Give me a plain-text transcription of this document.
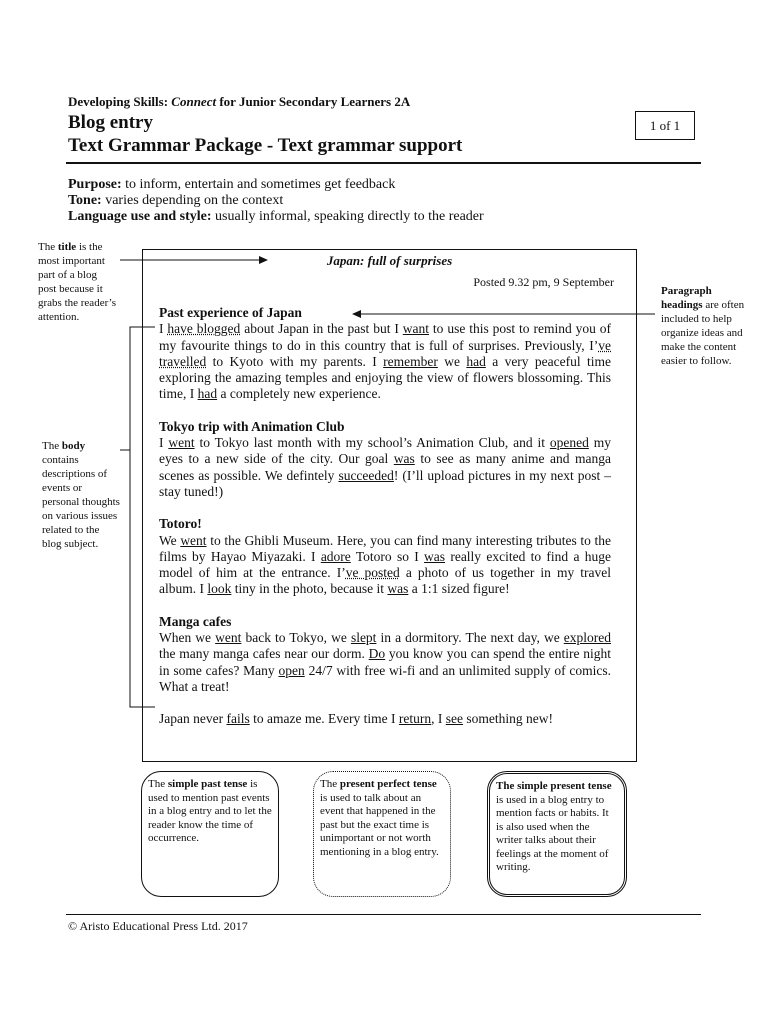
Developing Skills: Connect for Junior Secondary Learners 2A
Blog entry
Text Grammar Package - Text grammar support
1 of 1
Purpose: to inform, entertain and sometimes get feedback
Tone: varies depending on the context
Language use and style: usually informal, speaking directly to the reader
The title is the most important part of a blog post because it grabs the reader’s attention.
The body contains descriptions of events or personal thoughts on various issues related to the blog subject.
Paragraph headings are often included to help organize ideas and make the content easier to follow.
Japan: full of surprises
Posted 9.32 pm, 9 September
Past experience of Japan

I have blogged about Japan in the past but I want to use this post to remind you of my favourite things to do in this country that is full of surprises. Previously, I’ve travelled to Kyoto with my parents. I remember we had a very peaceful time exploring the amazing temples and enjoying the view of flowers blossoming. This time, I had a completely new experience.

Tokyo trip with Animation Club

I went to Tokyo last month with my school’s Animation Club, and it opened my eyes to a new side of the city. Our goal was to see as many anime and manga scenes as possible. We defintely succeeded! (I’ll upload pictures in my next post – stay tuned!)

Totoro!

We went to the Ghibli Museum. Here, you can find many interesting tributes to the films by Hayao Miyazaki. I adore Totoro so I was really excited to find a huge model of him at the entrance. I’ve posted a photo of us together in my travel album. I look tiny in the photo, because it was a 1:1 sized figure!

Manga cafes

When we went back to Tokyo, we slept in a dormitory. The next day, we explored the many manga cafes near our dorm. Do you know you can spend the entire night in some cafes? Many open 24/7 with free wi-fi and an unlimited supply of comics. What a treat!

Japan never fails to amaze me. Every time I return, I see something new!

The simple past tense is used to mention past events in a blog entry and to let the reader know the time of occurrence.
The present perfect tense is used to talk about an event that happened in the past but the exact time is unimportant or not worth mentioning in a blog entry.
The simple present tense is used in a blog entry to mention facts or habits. It is also used when the writer talks about their feelings at the moment of writing.
© Aristo Educational Press Ltd. 2017
